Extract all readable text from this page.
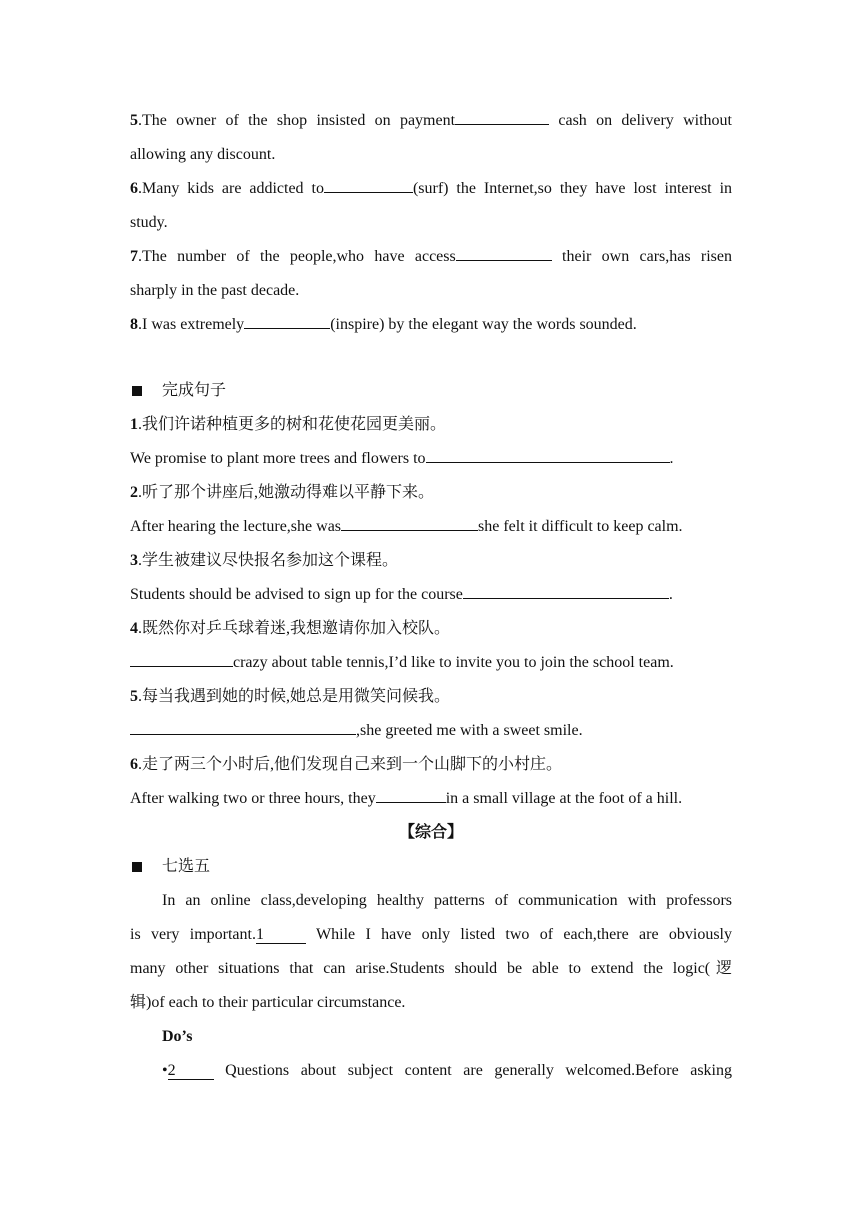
5.The owner of the shop insisted on payment	cash on delivery without
allowing any discount.
6.Many kids are addicted to	(surf) the Internet,so they have lost interest in
study.
7.The number of the people,who have access	their own cars,has risen
sharply in the past decade.
8.I was extremely	(inspire) by the elegant way the words sounded.
完成句子
1.我们许诺种植更多的树和花使花园更美丽。
We promise to plant more trees and flowers to	.
2.听了那个讲座后,她激动得难以平静下来。
After hearing the lecture,she was	she felt it difficult to keep calm.
3.学生被建议尽快报名参加这个课程。
Students should be advised to sign up for the course	.
4.既然你对乒乓球着迷,我想邀请你加入校队。
crazy about table tennis,I’d like to invite you to join the school team.
5.每当我遇到她的时候,她总是用微笑问候我。
,she greeted me with a sweet smile.
6.走了两三个小时后,他们发现自己来到一个山脚下的小村庄。
After walking two or three hours, they	in a small village at the foot of a hill.
【综合】
七选五
In an online class,developing healthy patterns of communication with professors
is very important.1	While I have only listed two of each,there are obviously
many other situations that can arise.Students should be able to extend the logic(逻
辑)of each to their particular circumstance.
Do’s
•2	Questions about subject content are generally welcomed.Before asking
